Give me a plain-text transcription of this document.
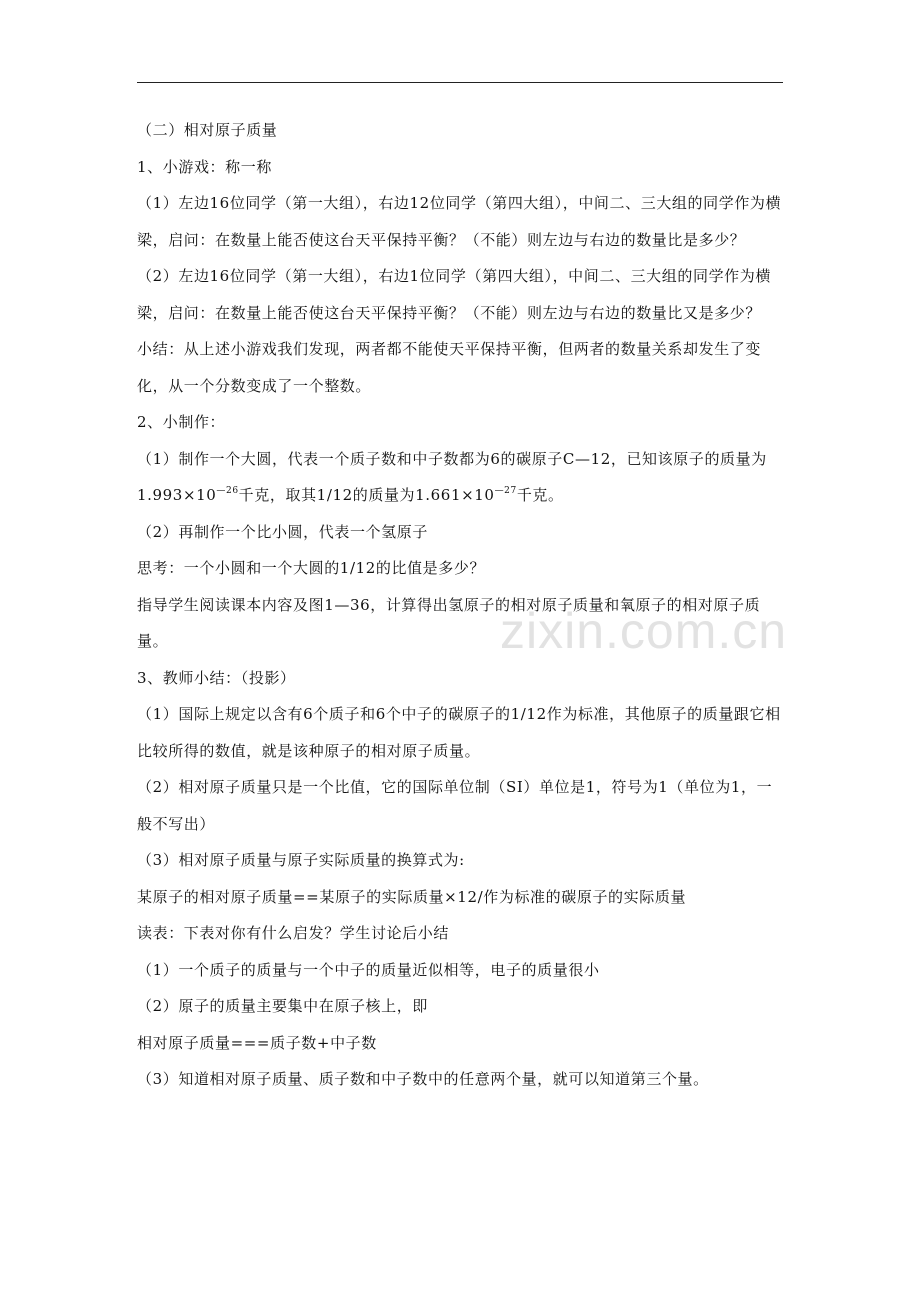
zixin.com.cn

（二）相对原子质量

1、小游戏：称一称

（1）左边16位同学（第一大组），右边12位同学（第四大组），中间二、三大组的同学作为横梁，启问：在数量上能否使这台天平保持平衡？（不能）则左边与右边的数量比是多少？

（2）左边16位同学（第一大组），右边1位同学（第四大组），中间二、三大组的同学作为横梁，启问：在数量上能否使这台天平保持平衡？（不能）则左边与右边的数量比又是多少？

小结：从上述小游戏我们发现，两者都不能使天平保持平衡，但两者的数量关系却发生了变化，从一个分数变成了一个整数。

2、小制作：

（1）制作一个大圆，代表一个质子数和中子数都为6的碳原子C—12，已知该原子的质量为$1.993\times 10^{—26}$千克，取其1/12的质量为$1.661\times 10^{—27}$千克。

（2）再制作一个比小圆，代表一个氢原子

思考：一个小圆和一个大圆的1/12的比值是多少？

指导学生阅读课本内容及图1—36，计算得出氢原子的相对原子质量和氧原子的相对原子质量。

3、教师小结：（投影）

（1）国际上规定以含有6个质子和6个中子的碳原子的1/12作为标准，其他原子的质量跟它相比较所得的数值，就是该种原子的相对原子质量。

（2）相对原子质量只是一个比值，它的国际单位制（SI）单位是1，符号为1（单位为1，一般不写出）

（3）相对原子质量与原子实际质量的换算式为:

某原子的相对原子质量==某原子的实际质量×12/作为标准的碳原子的实际质量

读表：下表对你有什么启发？学生讨论后小结

（1）一个质子的质量与一个中子的质量近似相等，电子的质量很小

（2）原子的质量主要集中在原子核上，即

相对原子质量===质子数+中子数

（3）知道相对原子质量、质子数和中子数中的任意两个量，就可以知道第三个量。
